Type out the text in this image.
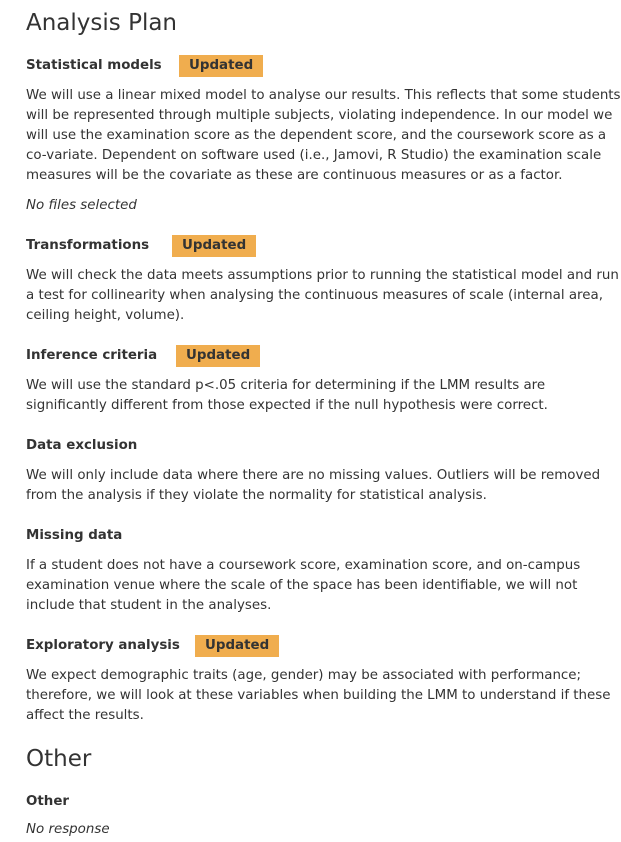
Analysis Plan
Statistical models	Updated
We will use a linear mixed model to analyse our results. This reflects that some students
will be represented through multiple subjects, violating independence. In our model we
will use the examination score as the dependent score, and the coursework score as a
co-variate. Dependent on software used (i.e., Jamovi, R Studio) the examination scale
measures will be the covariate as these are continuous measures or as a factor.
No files selected
Transformations	Updated
We will check the data meets assumptions prior to running the statistical model and run
a test for collinearity when analysing the continuous measures of scale (internal area,
ceiling height, volume).
Inference criteria	Updated
We will use the standard p<.05 criteria for determining if the LMM results are
significantly different from those expected if the null hypothesis were correct.
Data exclusion
We will only include data where there are no missing values. Outliers will be removed
from the analysis if they violate the normality for statistical analysis.
Missing data
If a student does not have a coursework score, examination score, and on-campus
examination venue where the scale of the space has been identifiable, we will not
include that student in the analyses.
Exploratory analysis	Updated
We expect demographic traits (age, gender) may be associated with performance;
therefore, we will look at these variables when building the LMM to understand if these
affect the results.
Other
Other
No response
